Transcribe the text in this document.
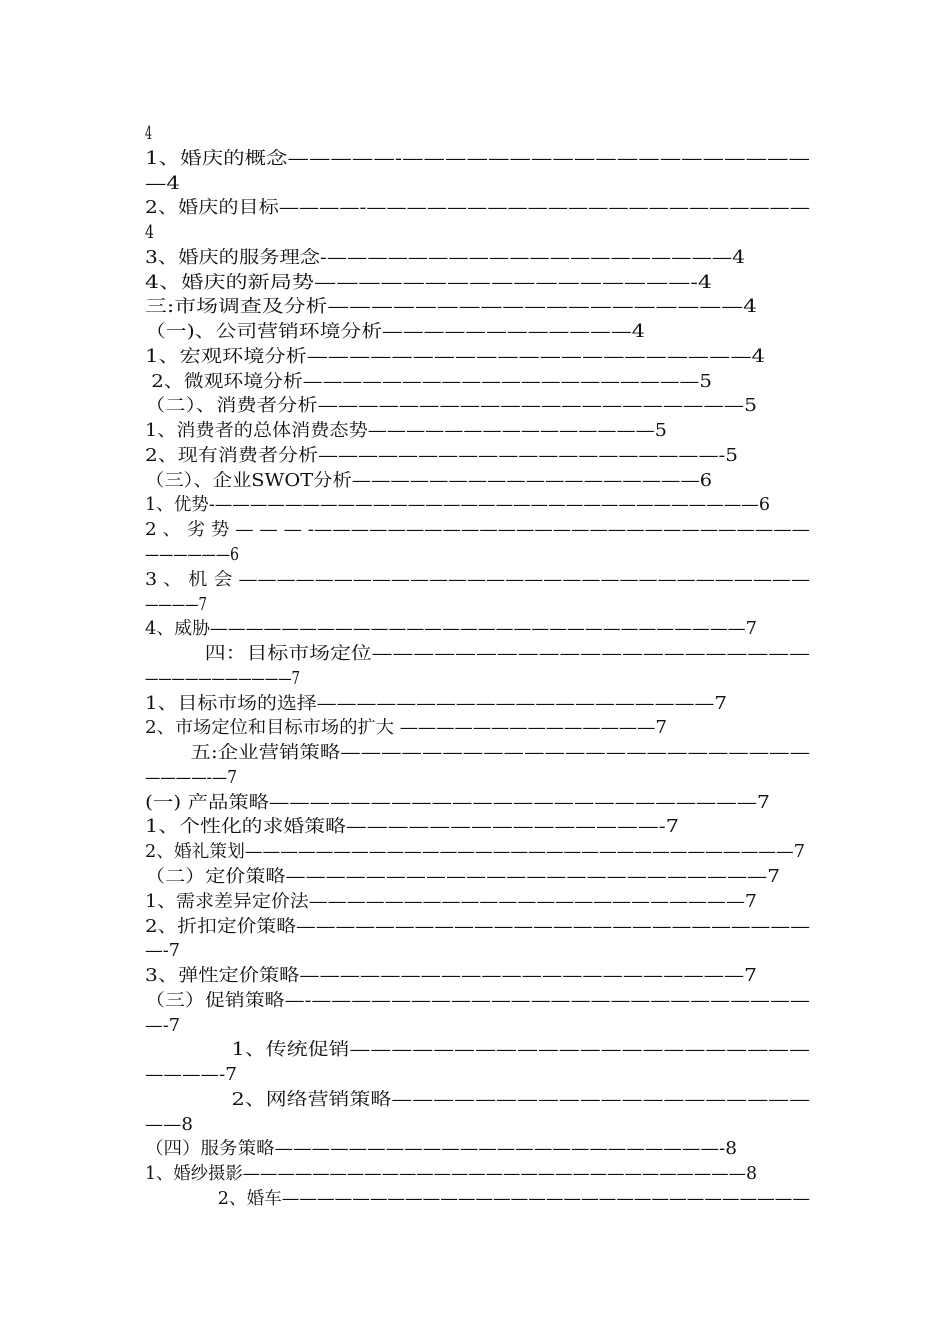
4
1、婚庆的概念—————-———————————————————
—4
2、婚庆的目标————-——————————————————————
4
3、婚庆的服务理念-————————————————————4
4、婚庆的新局势—————————————————-4
三:市场调查及分析———————————————————4
（一)、公司营销环境分析————————————4
1、宏观环境分析—————————————————————4
2、微观环境分析————————————————————5
（二）、消费者分析—————————————————————5
1、消费者的总体消费态势———————————————5
2、现有消费者分析————————————————————-5
（三）、企业SWOT分析——————————————————6
1、优势-———————————————————————————————6
2 、 劣 势 — — — -———————————————————————————
——————6
3 、 机 会 ——————————————————————————————
————7
4、威胁——————————————————————————————7
四：目标市场定位—————————————————————
———————————7
1、目标市场的选择————————————————————7
2、市场定位和目标市场的扩大 ——————————————7
五:企业营销策略———————————————————————
————-—7
(一) 产品策略————————————————————————7
1、个性化的求婚策略———————————————-7
2、婚礼策划———————————————————————————————7
（二）定价策略————————————————————————7
1、需求差异定价法———————————————————————7
2、折扣定价策略——————————————————————————
—-7
3、弹性定价策略——————————————————————7
（三）促销策略—-—————————————————————————
—-7
1、传统促销——————————————————————
————-7
2、网络营销策略————————————————————
——8
（四）服务策略————————————————————————-8
1、婚纱摄影—————————————————————————————8
2、婚车——————————————————————————————
